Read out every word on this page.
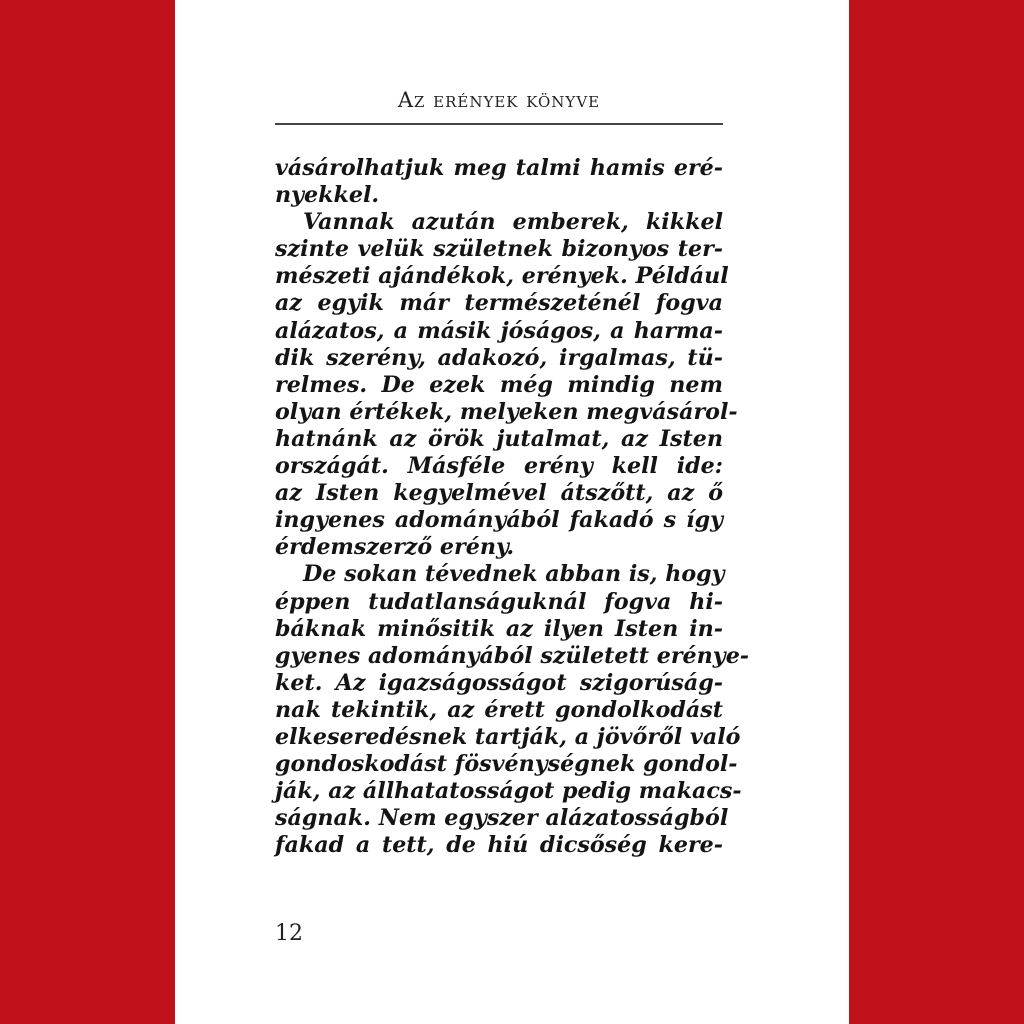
Az erények könyve
vásárolhatjuk meg talmi hamis eré-
nyekkel.
Vannak azután emberek, kikkel
szinte velük születnek bizonyos ter-
mészeti ajándékok, erények. Például
az egyik már természeténél fogva
alázatos, a másik jóságos, a harma-
dik szerény, adakozó, irgalmas, tü-
relmes. De ezek még mindig nem
olyan értékek, melyeken megvásárol-
hatnánk az örök jutalmat, az Isten
országát. Másféle erény kell ide:
az Isten kegyelmével átszőtt, az ő
ingyenes adományából fakadó s így
érdemszerző erény.
De sokan tévednek abban is, hogy
éppen tudatlanságuknál fogva hi-
báknak minősitik az ilyen Isten in-
gyenes adományából született erénye-
ket. Az igazságosságot szigorúság-
nak tekintik, az érett gondolkodást
elkeseredésnek tartják, a jövőről való
gondoskodást fösvénységnek gondol-
ják, az állhatatosságot pedig makacs-
ságnak. Nem egyszer alázatosságból
fakad a tett, de hiú dicsőség kere-
12
